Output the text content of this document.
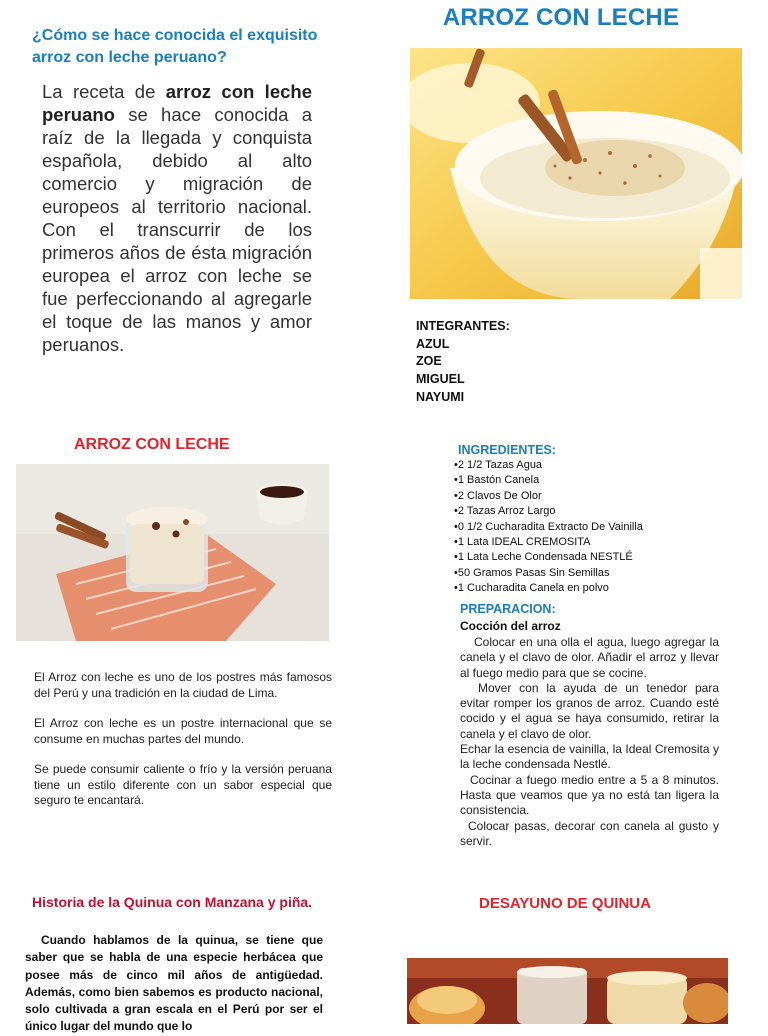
¿Cómo se hace conocida el exquisito arroz con leche peruano?
La receta de arroz con leche peruano se hace conocida a raíz de la llegada y conquista española, debido al alto comercio y migración de europeos al territorio nacional. Con el transcurrir de los primeros años de ésta migración europea el arroz con leche se fue perfeccionando al agregarle el toque de las manos y amor peruanos.
ARROZ CON LECHE
INTEGRANTES:
AZUL
ZOE
MIGUEL
NAYUMI
ARROZ CON LECHE

El Arroz con leche es uno de los postres más famosos del Perú y una tradición en la ciudad de Lima.

El Arroz con leche es un postre internacional que se consume en muchas partes del mundo.

Se puede consumir caliente o frío y la versión peruana tiene un estilo diferente con un sabor especial que seguro te encantará.

INGREDIENTES:
•2 1/2 Tazas Agua
•1 Bastón Canela
•2 Clavos De Olor
•2 Tazas Arroz Largo
•0 1/2 Cucharadita Extracto De Vainilla
•1 Lata IDEAL CREMOSITA
•1 Lata Leche Condensada NESTLÉ
•50 Gramos Pasas Sin Semillas
•1 Cucharadita Canela en polvo
PREPARACION:
Cocción del arroz

Colocar en una olla el agua, luego agregar la canela y el clavo de olor. Añadir el arroz y llevar al fuego medio para que se cocine.

Mover con la ayuda de un tenedor para evitar romper los granos de arroz. Cuando esté cocido y el agua se haya consumido, retirar la canela y el clavo de olor.

Echar la esencia de vainilla, la Ideal Cremosita y la leche condensada Nestlé.

Cocinar a fuego medio entre a 5 a 8 minutos. Hasta que veamos que ya no está tan ligera la consistencia.

Colocar pasas, decorar con canela al gusto y servir.

Historia de la Quinua con Manzana y piña.
Cuando hablamos de la quinua, se tiene que saber que se habla de una especie herbácea que posee más de cinco mil años de antigüedad. Además, como bien sabemos es producto nacional, solo cultivada a gran escala en el Perú por ser el único lugar del mundo que lo
DESAYUNO DE QUINUA
